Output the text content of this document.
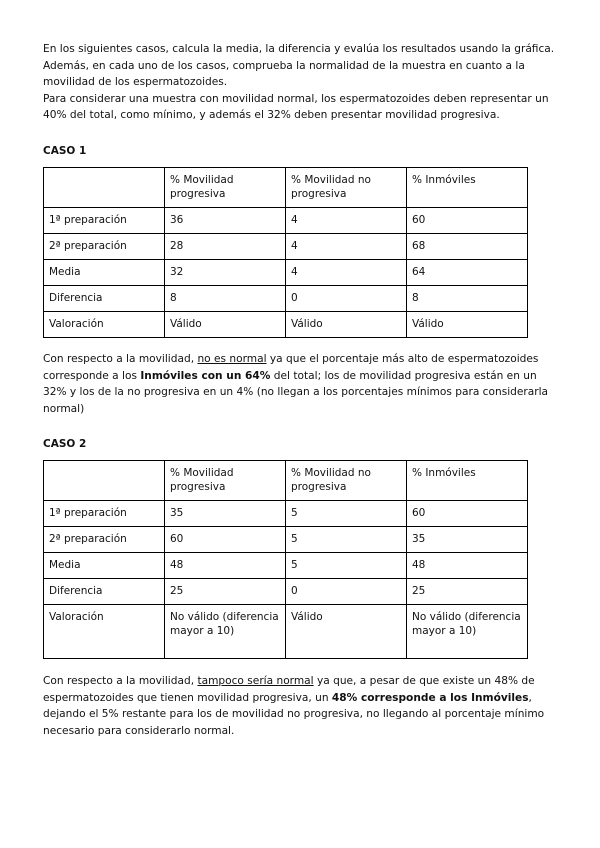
En los siguientes casos, calcula la media, la diferencia y evalúa los resultados usando la gráfica. Además, en cada uno de los casos, comprueba la normalidad de la muestra en cuanto a la movilidad de los espermatozoides.

Para considerar una muestra con movilidad normal, los espermatozoides deben representar un 40% del total, como mínimo, y además el 32% deben presentar movilidad progresiva.

CASO 1
	% Movilidad progresiva	% Movilidad no progresiva	% Inmóviles
1ª preparación	36	4	60
2ª preparación	28	4	68
Media	32	4	64
Diferencia	8	0	8
Valoración	Válido	Válido	Válido
Con respecto a la movilidad, no es normal ya que el porcentaje más alto de espermatozoides corresponde a los Inmóviles con un 64% del total; los de movilidad progresiva están en un 32% y los de la no progresiva en un 4% (no llegan a los porcentajes mínimos para considerarla normal)
CASO 2
	% Movilidad progresiva	% Movilidad no progresiva	% Inmóviles
1ª preparación	35	5	60
2ª preparación	60	5	35
Media	48	5	48
Diferencia	25	0	25
Valoración	No válido (diferencia mayor a 10)	Válido	No válido (diferencia mayor a 10)
Con respecto a la movilidad, tampoco sería normal ya que, a pesar de que existe un 48% de espermatozoides que tienen movilidad progresiva, un 48% corresponde a los Inmóviles, dejando el 5% restante para los de movilidad no progresiva, no llegando al porcentaje mínimo necesario para considerarlo normal.
